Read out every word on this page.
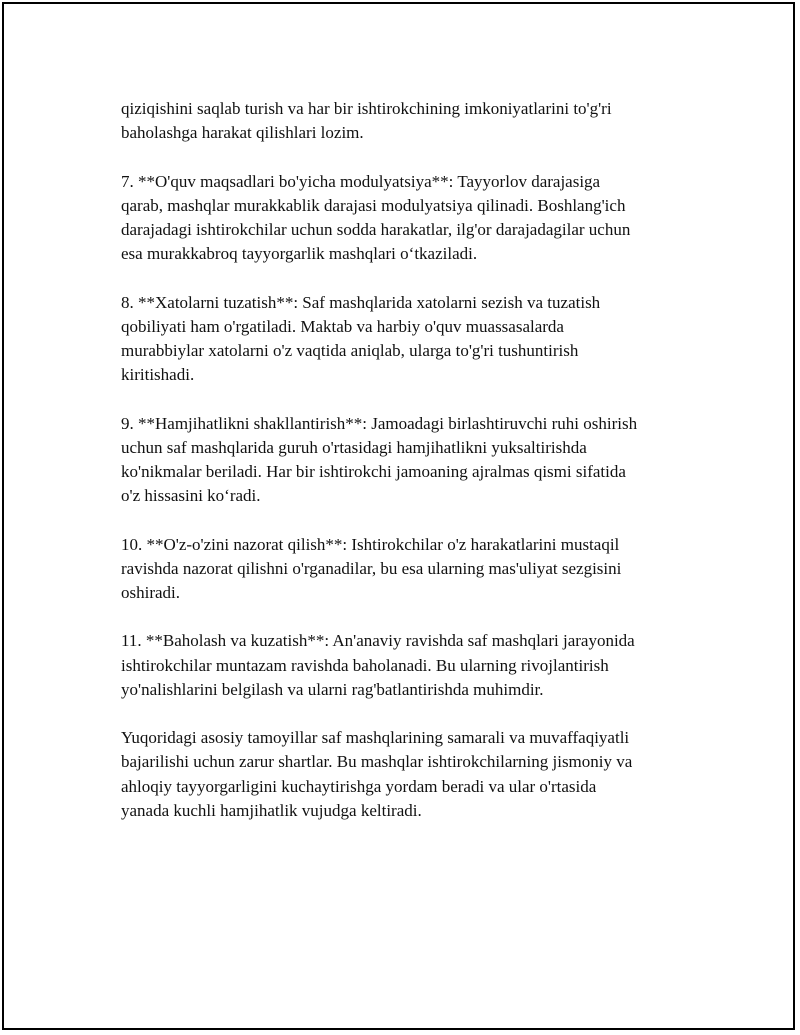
qiziqishini saqlab turish va har bir ishtirokchining imkoniyatlarini to'g'ri
baholashga harakat qilishlari lozim.

7. **O'quv maqsadlari bo'yicha modulyatsiya**: Tayyorlov darajasiga
qarab, mashqlar murakkablik darajasi modulyatsiya qilinadi. Boshlang'ich
darajadagi ishtirokchilar uchun sodda harakatlar, ilg'or darajadagilar uchun
esa murakkabroq tayyorgarlik mashqlari o‘tkaziladi.

8. **Xatolarni tuzatish**: Saf mashqlarida xatolarni sezish va tuzatish
qobiliyati ham o'rgatiladi. Maktab va harbiy o'quv muassasalarda
murabbiylar xatolarni o'z vaqtida aniqlab, ularga to'g'ri tushuntirish
kiritishadi.

9. **Hamjihatlikni shakllantirish**: Jamoadagi birlashtiruvchi ruhi oshirish
uchun saf mashqlarida guruh o'rtasidagi hamjihatlikni yuksaltirishda
ko'nikmalar beriladi. Har bir ishtirokchi jamoaning ajralmas qismi sifatida
o'z hissasini ko‘radi.

10. **O'z-o'zini nazorat qilish**: Ishtirokchilar o'z harakatlarini mustaqil
ravishda nazorat qilishni o'rganadilar, bu esa ularning mas'uliyat sezgisini
oshiradi.

11. **Baholash va kuzatish**: An'anaviy ravishda saf mashqlari jarayonida
ishtirokchilar muntazam ravishda baholanadi. Bu ularning rivojlantirish
yo'nalishlarini belgilash va ularni rag'batlantirishda muhimdir.

Yuqoridagi asosiy tamoyillar saf mashqlarining samarali va muvaffaqiyatli
bajarilishi uchun zarur shartlar. Bu mashqlar ishtirokchilarning jismoniy va
ahloqiy tayyorgarligini kuchaytirishga yordam beradi va ular o'rtasida
yanada kuchli hamjihatlik vujudga keltiradi.
